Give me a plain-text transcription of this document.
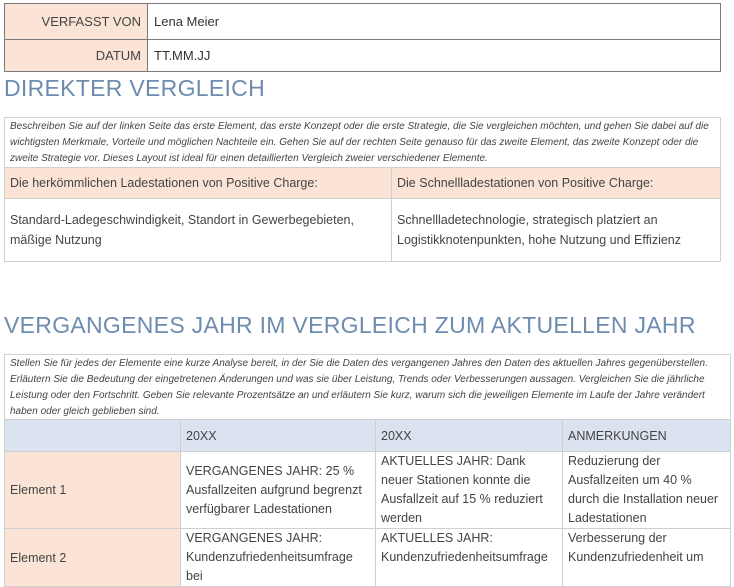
VERFASST VON	Lena Meier
DATUM	TT.MM.JJ
DIREKTER VERGLEICH
Beschreiben Sie auf der linken Seite das erste Element, das erste Konzept oder die erste Strategie, die Sie vergleichen möchten, und gehen Sie dabei auf die wichtigsten Merkmale, Vorteile und möglichen Nachteile ein. Gehen Sie auf der rechten Seite genauso für das zweite Element, das zweite Konzept oder die zweite Strategie vor. Dieses Layout ist ideal für einen detaillierten Vergleich zweier verschiedener Elemente.
Die herkömmlichen Ladestationen von Positive Charge:	Die Schnellladestationen von Positive Charge:
Standard-Ladegeschwindigkeit, Standort in Gewerbegebieten, mäßige Nutzung	Schnellladetechnologie, strategisch platziert an Logistikknotenpunkten, hohe Nutzung und Effizienz
VERGANGENES JAHR IM VERGLEICH ZUM AKTUELLEN JAHR
Stellen Sie für jedes der Elemente eine kurze Analyse bereit, in der Sie die Daten des vergangenen Jahres den Daten des aktuellen Jahres gegenüberstellen. Erläutern Sie die Bedeutung der eingetretenen Änderungen und was sie über Leistung, Trends oder Verbesserungen aussagen. Vergleichen Sie die jährliche Leistung oder den Fortschritt. Geben Sie relevante Prozentsätze an und erläutern Sie kurz, warum sich die jeweiligen Elemente im Laufe der Jahre verändert haben oder gleich geblieben sind.
	20XX	20XX	ANMERKUNGEN
Element 1	VERGANGENES JAHR: 25 % Ausfallzeiten aufgrund begrenzt verfügbarer Ladestationen	AKTUELLES JAHR: Dank neuer Stationen konnte die Ausfallzeit auf 15 % reduziert werden	Reduzierung der Ausfallzeiten um 40 % durch die Installation neuer Ladestationen
Element 2	VERGANGENES JAHR: Kundenzufriedenheitsumfrage bei	AKTUELLES JAHR: Kundenzufriedenheitsumfrage	Verbesserung der Kundenzufriedenheit um
